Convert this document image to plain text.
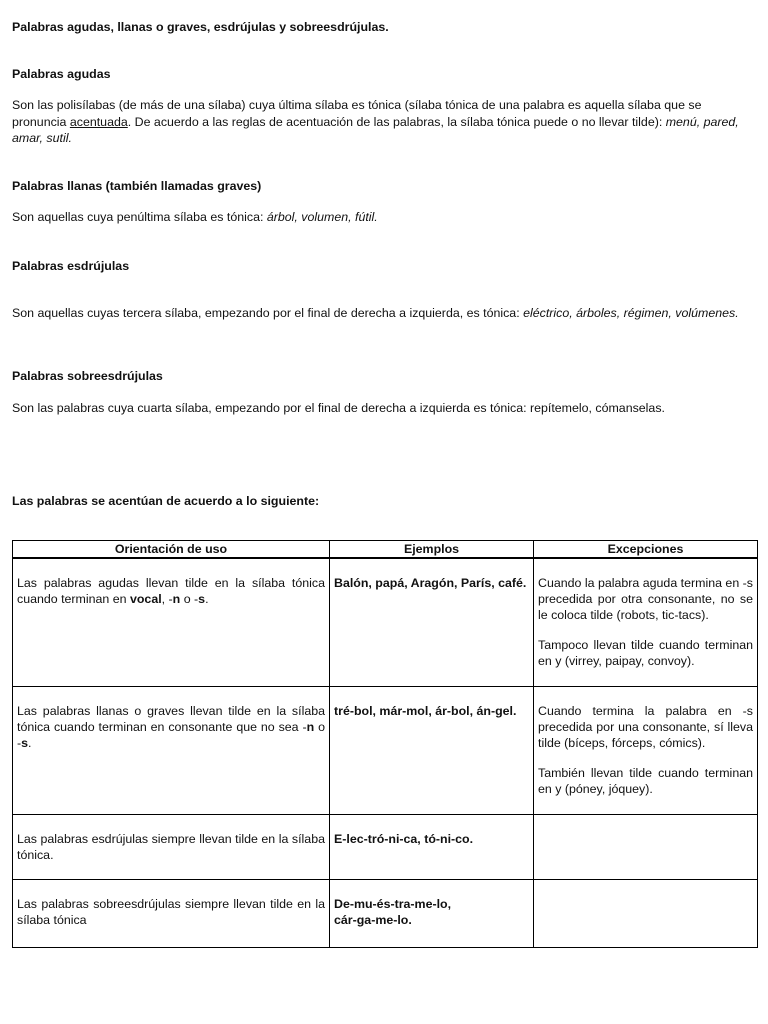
Palabras agudas, llanas o graves, esdrújulas y sobreesdrújulas.
Palabras agudas
Son las polisílabas (de más de una sílaba) cuya última sílaba es tónica (sílaba tónica de una palabra es aquella sílaba que se pronuncia acentuada. De acuerdo a las reglas de acentuación de las palabras, la sílaba tónica puede o no llevar tilde): menú, pared, amar, sutil.
Palabras llanas (también llamadas graves)
Son aquellas cuya penúltima sílaba es tónica: árbol, volumen, fútil.
Palabras esdrújulas
Son aquellas cuyas tercera sílaba, empezando por el final de derecha a izquierda, es tónica: eléctrico, árboles, régimen, volúmenes.
Palabras sobreesdrújulas
Son las palabras cuya cuarta sílaba, empezando por el final de derecha a izquierda es tónica: repítemelo, cómanselas.
Las palabras se acentúan de acuerdo a lo siguiente:
Orientación de uso	Ejemplos	Excepciones
Las palabras agudas llevan tilde en la sílaba tónica cuando terminan en vocal, -n o -s.	Balón, papá, Aragón, París, café.	Cuando la palabra aguda termina en -s precedida por otra consonante, no se le coloca tilde (robots, tic-tacs).

Tampoco llevan tilde cuando terminan en y (virrey, paipay, convoy).

Las palabras llanas o graves llevan tilde en la sílaba tónica cuando terminan en consonante que no sea -n o -s.	tré-bol, már-mol, ár-bol, án-gel.	Cuando termina la palabra en -s precedida por una consonante, sí lleva tilde (bíceps, fórceps, cómics).

También llevan tilde cuando terminan en y (póney, jóquey).

Las palabras esdrújulas siempre llevan tilde en la sílaba tónica.	E-lec-tró-ni-ca, tó-ni-co.	
Las palabras sobreesdrújulas siempre llevan tilde en la sílaba tónica	De-mu-és-tra-me-lo,
cár-ga-me-lo.	
